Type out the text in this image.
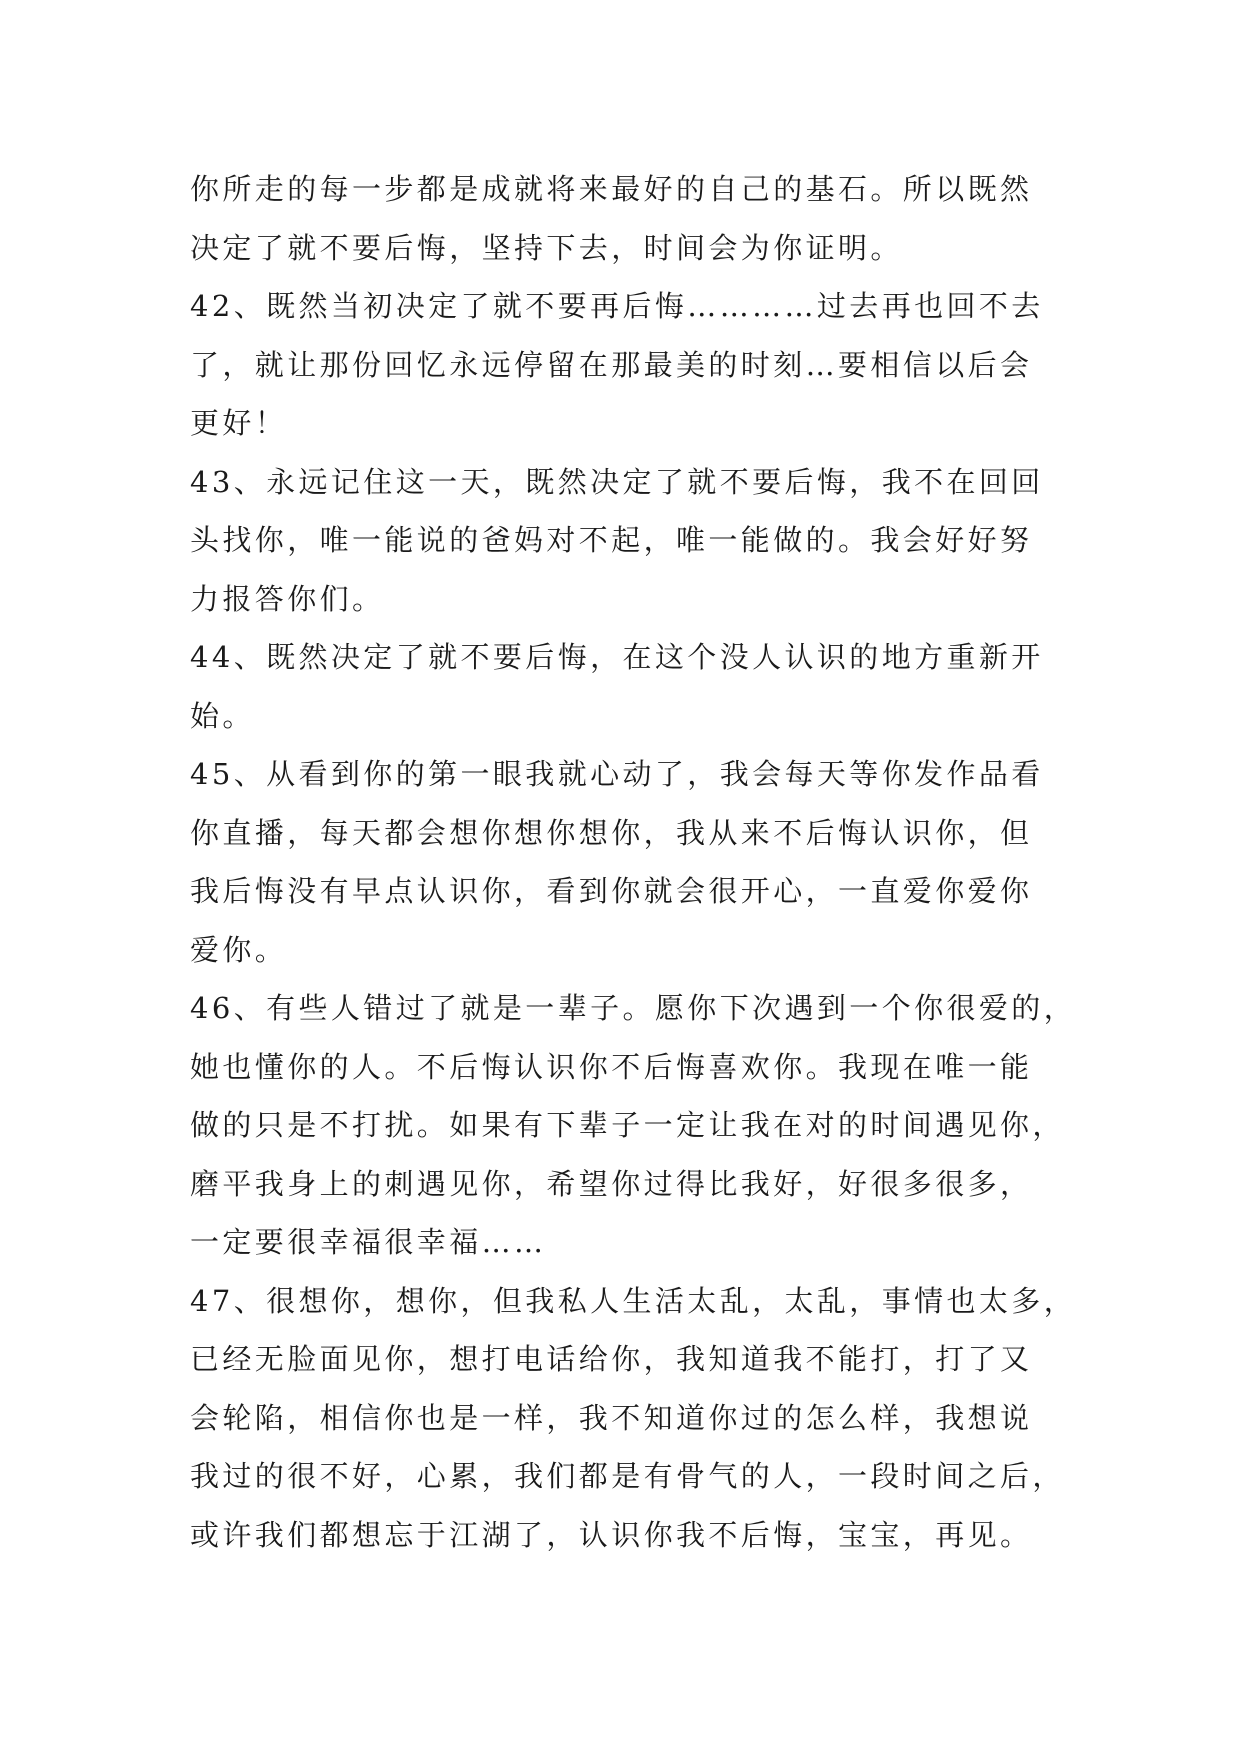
你所走的每一步都是成就将来最好的自己的基石。所以既然
决定了就不要后悔，坚持下去，时间会为你证明。
42、既然当初决定了就不要再后悔…………过去再也回不去
了，就让那份回忆永远停留在那最美的时刻…要相信以后会
更好！
43、永远记住这一天，既然决定了就不要后悔，我不在回回
头找你，唯一能说的爸妈对不起，唯一能做的。我会好好努
力报答你们。
44、既然决定了就不要后悔，在这个没人认识的地方重新开
始。
45、从看到你的第一眼我就心动了，我会每天等你发作品看
你直播，每天都会想你想你想你，我从来不后悔认识你，但
我后悔没有早点认识你，看到你就会很开心，一直爱你爱你
爱你。
46、有些人错过了就是一辈子。愿你下次遇到一个你很爱的，
她也懂你的人。不后悔认识你不后悔喜欢你。我现在唯一能
做的只是不打扰。如果有下辈子一定让我在对的时间遇见你，
磨平我身上的刺遇见你，希望你过得比我好，好很多很多，
一定要很幸福很幸福……
47、很想你，想你，但我私人生活太乱，太乱，事情也太多，
已经无脸面见你，想打电话给你，我知道我不能打，打了又
会轮陷，相信你也是一样，我不知道你过的怎么样，我想说
我过的很不好，心累，我们都是有骨气的人，一段时间之后，
或许我们都想忘于江湖了，认识你我不后悔，宝宝，再见。
